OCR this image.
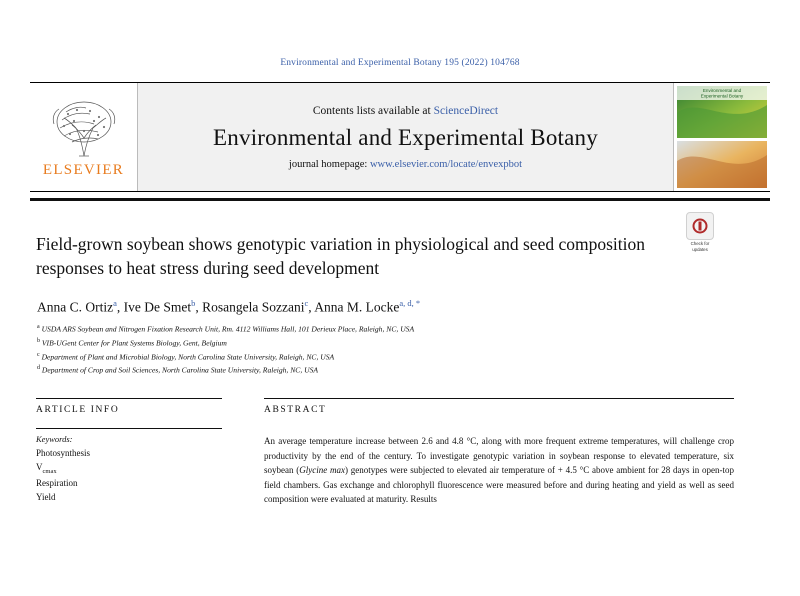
Environmental and Experimental Botany 195 (2022) 104768
ELSEVIER
Contents lists available at ScienceDirect
Environmental and Experimental Botany
journal homepage: www.elsevier.com/locate/envexpbot
Environmental and
Experimental Botany
Check for
updates
Field-grown soybean shows genotypic variation in physiological and seed composition responses to heat stress during seed development
Anna C. Ortiz$^a$, Ive De Smet$^b$, Rosangela Sozzani$^c$, Anna M. Locke$^{a, d, *}$
$^a$ USDA ARS Soybean and Nitrogen Fixation Research Unit, Rm. 4112 Williams Hall, 101 Derieux Place, Raleigh, NC, USA
$^b$ VIB-UGent Center for Plant Systems Biology, Gent, Belgium
$^c$ Department of Plant and Microbial Biology, North Carolina State University, Raleigh, NC, USA
$^d$ Department of Crop and Soil Sciences, North Carolina State University, Raleigh, NC, USA
ARTICLE INFO	ABSTRACT
Keywords:
Photosynthesis
$V_{cmax}$
Respiration
Yield
An average temperature increase between 2.6 and 4.8 °C, along with more frequent extreme temperatures, will challenge crop productivity by the end of the century. To investigate genotypic variation in soybean response to elevated temperature, six soybean (Glycine max) genotypes were subjected to elevated air temperature of + 4.5 °C above ambient for 28 days in open-top field chambers. Gas exchange and chlorophyll fluorescence were measured before and during heating and yield as well as seed composition were evaluated at maturity. Results
